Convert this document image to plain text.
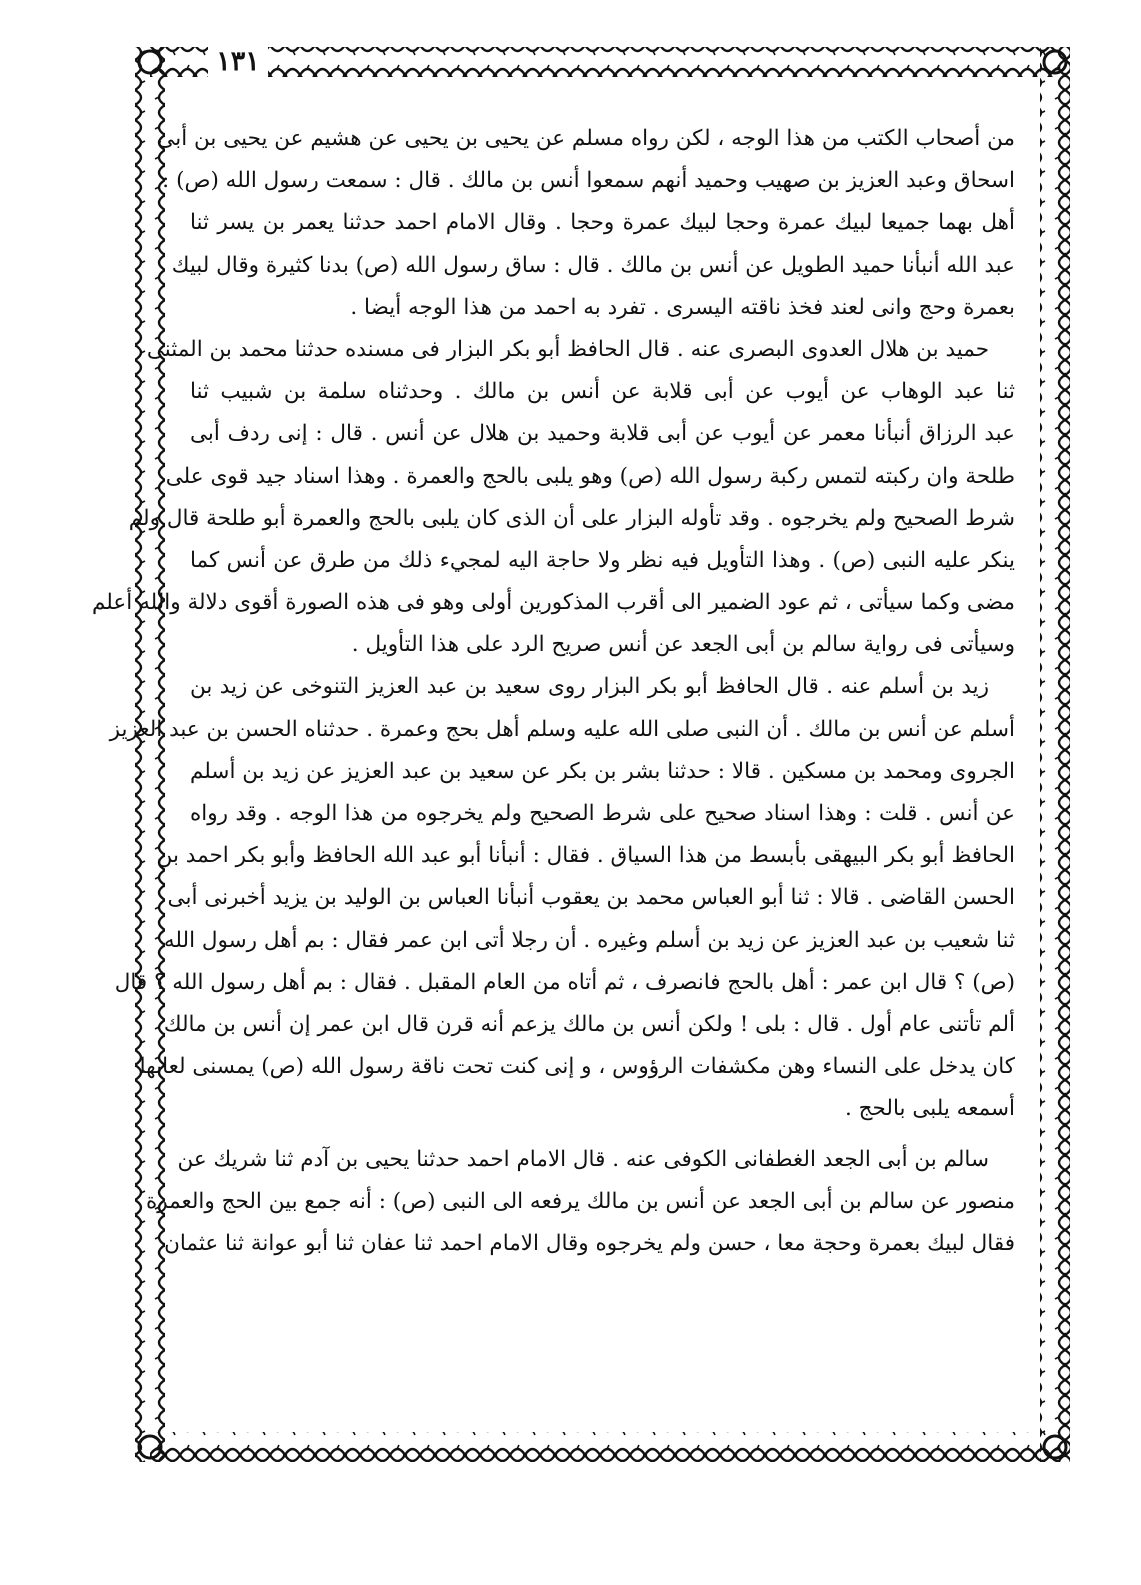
١٣١
من أصحاب الكتب من هذا الوجه ، لكن رواه مسلم عن يحيى بن يحيى عن هشيم عن يحيى بن أبى
اسحاق وعبد العزيز بن صهيب وحميد أنهم سمعوا أنس بن مالك . قال : سمعت رسول الله (ص) :
أهل بهما جميعا لبيك عمرة وحجا لبيك عمرة وحجا . وقال الامام احمد حدثنا يعمر بن يسر ثنا
عبد الله أنبأنا حميد الطويل عن أنس بن مالك . قال : ساق رسول الله (ص) بدنا كثيرة وقال لبيك
بعمرة وحج وانى لعند فخذ ناقته اليسرى . تفرد به احمد من هذا الوجه أيضا .
حميد بن هلال العدوى البصرى عنه . قال الحافظ أبو بكر البزار فى مسنده حدثنا محمد بن المثنى
ثنا عبد الوهاب عن أيوب عن أبى قلابة عن أنس بن مالك . وحدثناه سلمة بن شبيب ثنا
عبد الرزاق أنبأنا معمر عن أيوب عن أبى قلابة وحميد بن هلال عن أنس . قال : إنى ردف أبى
طلحة وان ركبته لتمس ركبة رسول الله (ص) وهو يلبى بالحج والعمرة . وهذا اسناد جيد قوى على
شرط الصحيح ولم يخرجوه . وقد تأوله البزار على أن الذى كان يلبى بالحج والعمرة أبو طلحة قال ولم
ينكر عليه النبى (ص) . وهذا التأويل فيه نظر ولا حاجة اليه لمجيء ذلك من طرق عن أنس كما
مضى وكما سيأتى ، ثم عود الضمير الى أقرب المذكورين أولى وهو فى هذه الصورة أقوى دلالة والله أعلم
وسيأتى فى رواية سالم بن أبى الجعد عن أنس صريح الرد على هذا التأويل .
زيد بن أسلم عنه . قال الحافظ أبو بكر البزار روى سعيد بن عبد العزيز التنوخى عن زيد بن
أسلم عن أنس بن مالك . أن النبى صلى الله عليه وسلم أهل بحج وعمرة . حدثناه الحسن بن عبد العزيز
الجروى ومحمد بن مسكين . قالا : حدثنا بشر بن بكر عن سعيد بن عبد العزيز عن زيد بن أسلم
عن أنس . قلت : وهذا اسناد صحيح على شرط الصحيح ولم يخرجوه من هذا الوجه . وقد رواه
الحافظ أبو بكر البيهقى بأبسط من هذا السياق . فقال : أنبأنا أبو عبد الله الحافظ وأبو بكر احمد بن
الحسن القاضى . قالا : ثنا أبو العباس محمد بن يعقوب أنبأنا العباس بن الوليد بن يزيد أخبرنى أبى
ثنا شعيب بن عبد العزيز عن زيد بن أسلم وغيره . أن رجلا أتى ابن عمر فقال : بم أهل رسول الله
(ص) ؟ قال ابن عمر : أهل بالحج فانصرف ، ثم أتاه من العام المقبل . فقال : بم أهل رسول الله ؟ قال
ألم تأتنى عام أول . قال : بلى ! ولكن أنس بن مالك يزعم أنه قرن قال ابن عمر إن أنس بن مالك
كان يدخل على النساء وهن مكشفات الرؤوس ، و إنى كنت تحت ناقة رسول الله (ص) يمسنى لعابها
أسمعه يلبى بالحج .
سالم بن أبى الجعد الغطفانى الكوفى عنه . قال الامام احمد حدثنا يحيى بن آدم ثنا شريك عن
منصور عن سالم بن أبى الجعد عن أنس بن مالك يرفعه الى النبى (ص) : أنه جمع بين الحج والعمرة
فقال لبيك بعمرة وحجة معا ، حسن ولم يخرجوه وقال الامام احمد ثنا عفان ثنا أبو عوانة ثنا عثمان
